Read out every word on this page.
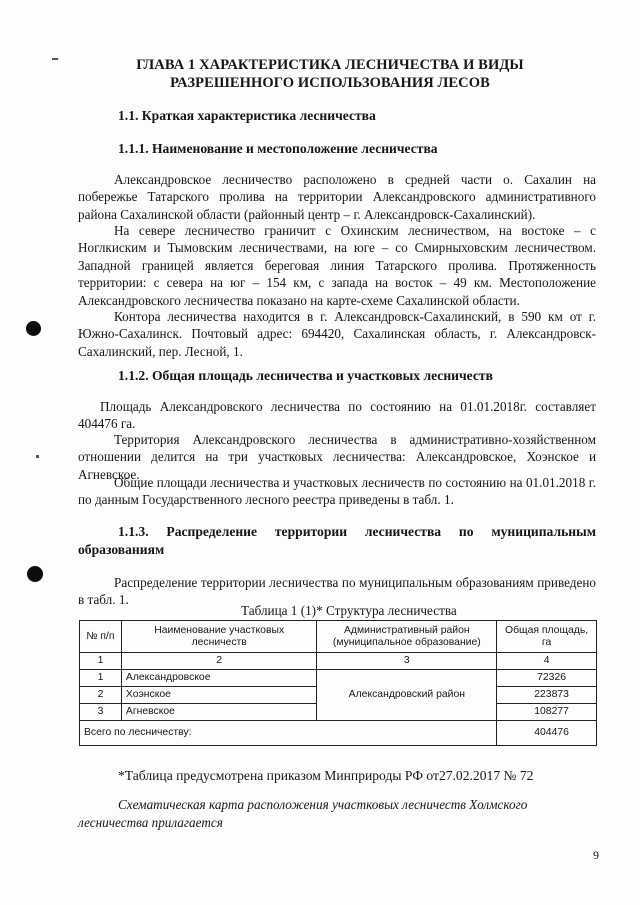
ГЛАВА 1 ХАРАКТЕРИСТИКА ЛЕСНИЧЕСТВА И ВИДЫ
РАЗРЕШЕННОГО ИСПОЛЬЗОВАНИЯ ЛЕСОВ
1.1. Краткая характеристика лесничества
1.1.1. Наименование и местоположение лесничества
Александровское лесничество расположено в средней части о. Сахалин на побережье Татарского пролива на территории Александровского административного района Сахалинской области (районный центр – г. Александровск-Сахалинский).
На севере лесничество граничит с Охинским лесничеством, на востоке – с Ноглкиским и Тымовским лесничествами, на юге – со Смирныховским лесничеством. Западной границей является береговая линия Татарского пролива. Протяженность территории: с севера на юг – 154 км, с запада на восток – 49 км. Местоположение Александровского лесничества показано на карте-схеме Сахалинской области.
Контора лесничества находится в г. Александровск-Сахалинский, в 590 км от г. Южно-Сахалинск. Почтовый адрес: 694420, Сахалинская область, г. Александровск-Сахалинский, пер. Лесной, 1.
1.1.2. Общая площадь лесничества и участковых лесничеств
Площадь Александровского лесничества по состоянию на 01.01.2018г. составляет 404476 га.
Территория Александровского лесничества в административно-хозяйственном отношении делится на три участковых лесничества: Александровское, Хоэнское и Агневское.
Общие площади лесничества и участковых лесничеств по состоянию на 01.01.2018 г. по данным Государственного лесного реестра приведены в табл. 1.
1.1.3. Распределение территории лесничества по муниципальным образованиям
Распределение территории лесничества по муниципальным образованиям приведено в табл. 1.
Таблица 1 (1)* Структура лесничества
№ п/п	Наименование участковых лесничеств	Административный район (муниципальное образование)	Общая площадь, га
1	2	3	4
1	Александровское	Александровский район	72326
2	Хоэнское		223873
3	Агневское		108277
Всего по лесничеству:			404476
*Таблица предусмотрена приказом Минприроды РФ от27.02.2017 № 72
Схематическая карта расположения участковых лесничеств Холмского лесничества прилагается
9
